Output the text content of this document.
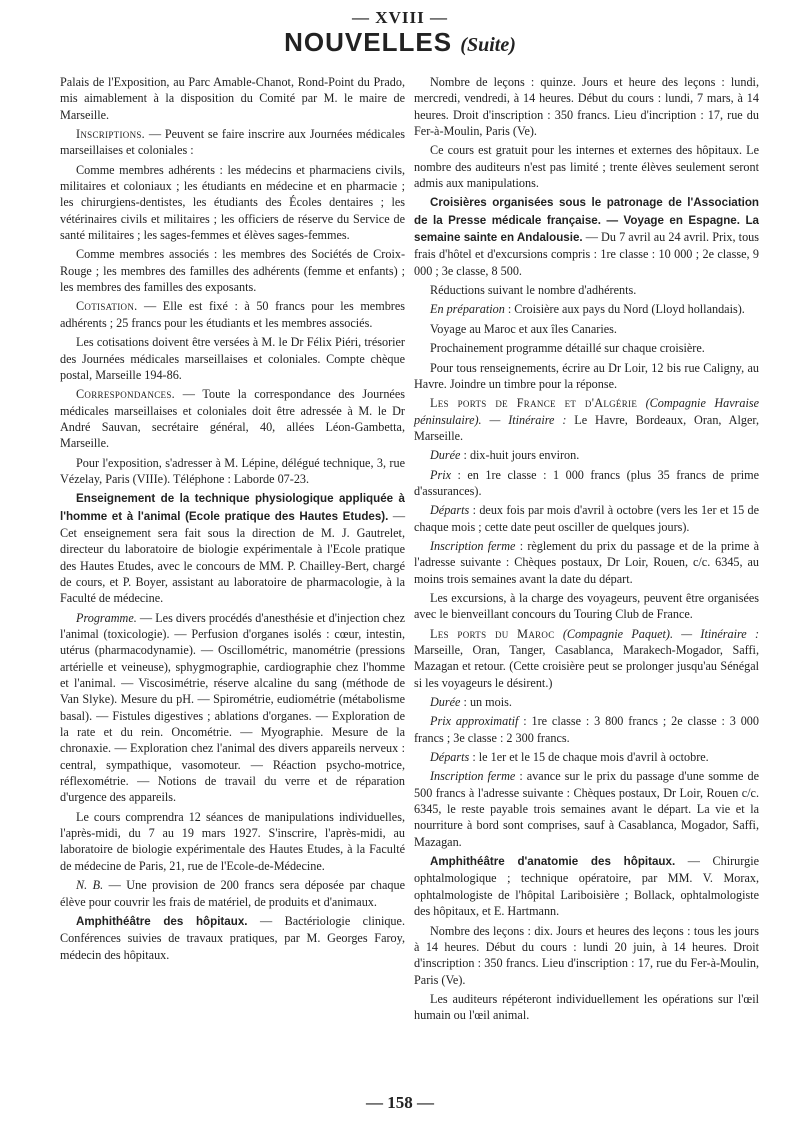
— XVIII —
NOUVELLES (Suite)

Palais de l'Exposition, au Parc Amable-Chanot, Rond-Point du Prado, mis aimablement à la disposition du Comité par M. le maire de Marseille.

Inscriptions. — Peuvent se faire inscrire aux Journées médicales marseillaises et coloniales :

Comme membres adhérents : les médecins et pharmaciens civils, militaires et coloniaux ; les étudiants en médecine et en pharmacie ; les chirurgiens-dentistes, les étudiants des Écoles dentaires ; les vétérinaires civils et militaires ; les officiers de réserve du Service de santé militaires ; les sages-femmes et élèves sages-femmes.

Comme membres associés : les membres des Sociétés de Croix-Rouge ; les membres des familles des adhérents (femme et enfants) ; les membres des familles des exposants.

Cotisation. — Elle est fixé : à 50 francs pour les membres adhérents ; 25 francs pour les étudiants et les membres associés.

Les cotisations doivent être versées à M. le Dr Félix Piéri, trésorier des Journées médicales marseillaises et coloniales. Compte chèque postal, Marseille 194-86.

Correspondances. — Toute la correspondance des Journées médicales marseillaises et coloniales doit être adressée à M. le Dr André Sauvan, secrétaire général, 40, allées Léon-Gambetta, Marseille.

Pour l'exposition, s'adresser à M. Lépine, délégué technique, 3, rue Vézelay, Paris (VIIIe). Téléphone : Laborde 07-23.

Enseignement de la technique physiologique appliquée à l'homme et à l'animal (Ecole pratique des Hautes Etudes). — Cet enseignement sera fait sous la direction de M. J. Gautrelet, directeur du laboratoire de biologie expérimentale à l'Ecole pratique des Hautes Etudes, avec le concours de MM. P. Chailley-Bert, chargé de cours, et P. Boyer, assistant au laboratoire de pharmacologie, à la Faculté de médecine.

Programme. — Les divers procédés d'anesthésie et d'injection chez l'animal (toxicologie). — Perfusion d'organes isolés : cœur, intestin, utérus (pharmacodynamie). — Oscillométric, manométrie (pressions artérielle et veineuse), sphygmographie, cardiographie chez l'homme et l'animal. — Viscosimétrie, réserve alcaline du sang (méthode de Van Slyke). Mesure du pH. — Spirométrie, eudiométrie (métabolisme basal). — Fistules digestives ; ablations d'organes. — Exploration de la rate et du rein. Oncométrie. — Myographie. Mesure de la chronaxie. — Exploration chez l'animal des divers appareils nerveux : central, sympathique, vasomoteur. — Réaction psycho-motrice, réflexométrie. — Notions de travail du verre et de réparation d'urgence des appareils.

Le cours comprendra 12 séances de manipulations individuelles, l'après-midi, du 7 au 19 mars 1927. S'inscrire, l'après-midi, au laboratoire de biologie expérimentale des Hautes Etudes, à la Faculté de médecine de Paris, 21, rue de l'Ecole-de-Médecine.

N. B. — Une provision de 200 francs sera déposée par chaque élève pour couvrir les frais de matériel, de produits et d'animaux.

Amphithéâtre des hôpitaux. — Bactériologie clinique. Conférences suivies de travaux pratiques, par M. Georges Faroy, médecin des hôpitaux.

Nombre de leçons : quinze. Jours et heure des leçons : lundi, mercredi, vendredi, à 14 heures. Début du cours : lundi, 7 mars, à 14 heures. Droit d'inscription : 350 francs. Lieu d'incription : 17, rue du Fer-à-Moulin, Paris (Ve).

Ce cours est gratuit pour les internes et externes des hôpitaux. Le nombre des auditeurs n'est pas limité ; trente élèves seulement seront admis aux manipulations.

Croisières organisées sous le patronage de l'Association de la Presse médicale française. — Voyage en Espagne. La semaine sainte en Andalousie. — Du 7 avril au 24 avril. Prix, tous frais d'hôtel et d'excursions compris : 1re classe : 10 000 ; 2e classe, 9 000 ; 3e classe, 8 500.

Réductions suivant le nombre d'adhérents.

En préparation : Croisière aux pays du Nord (Lloyd hollandais).

Voyage au Maroc et aux îles Canaries.

Prochainement programme détaillé sur chaque croisière.

Pour tous renseignements, écrire au Dr Loir, 12 bis rue Caligny, au Havre. Joindre un timbre pour la réponse.

Les ports de France et d'Algérie (Compagnie Havraise péninsulaire). — Itinéraire : Le Havre, Bordeaux, Oran, Alger, Marseille.

Durée : dix-huit jours environ.

Prix : en 1re classe : 1 000 francs (plus 35 francs de prime d'assurances).

Départs : deux fois par mois d'avril à octobre (vers les 1er et 15 de chaque mois ; cette date peut osciller de quelques jours).

Inscription ferme : règlement du prix du passage et de la prime à l'adresse suivante : Chèques postaux, Dr Loir, Rouen, c/c. 6345, au moins trois semaines avant la date du départ.

Les excursions, à la charge des voyageurs, peuvent être organisées avec le bienveillant concours du Touring Club de France.

Les ports du Maroc (Compagnie Paquet). — Itinéraire : Marseille, Oran, Tanger, Casablanca, Marakech-Mogador, Saffi, Mazagan et retour. (Cette croisière peut se prolonger jusqu'au Sénégal si les voyageurs le désirent.)

Durée : un mois.

Prix approximatif : 1re classe : 3 800 francs ; 2e classe : 3 000 francs ; 3e classe : 2 300 francs.

Départs : le 1er et le 15 de chaque mois d'avril à octobre.

Inscription ferme : avance sur le prix du passage d'une somme de 500 francs à l'adresse suivante : Chèques postaux, Dr Loir, Rouen c/c. 6345, le reste payable trois semaines avant le départ. La vie et la nourriture à bord sont comprises, sauf à Casablanca, Mogador, Saffi, Mazagan.

Amphithéâtre d'anatomie des hôpitaux. — Chirurgie ophtalmologique ; technique opératoire, par MM. V. Morax, ophtalmologiste de l'hôpital Lariboisière ; Bollack, ophtalmologiste des hôpitaux, et E. Hartmann.

Nombre des leçons : dix. Jours et heures des leçons : tous les jours à 14 heures. Début du cours : lundi 20 juin, à 14 heures. Droit d'inscription : 350 francs. Lieu d'inscription : 17, rue du Fer-à-Moulin, Paris (Ve).

Les auditeurs répéteront individuellement les opérations sur l'œil humain ou l'œil animal.

— 158 —
